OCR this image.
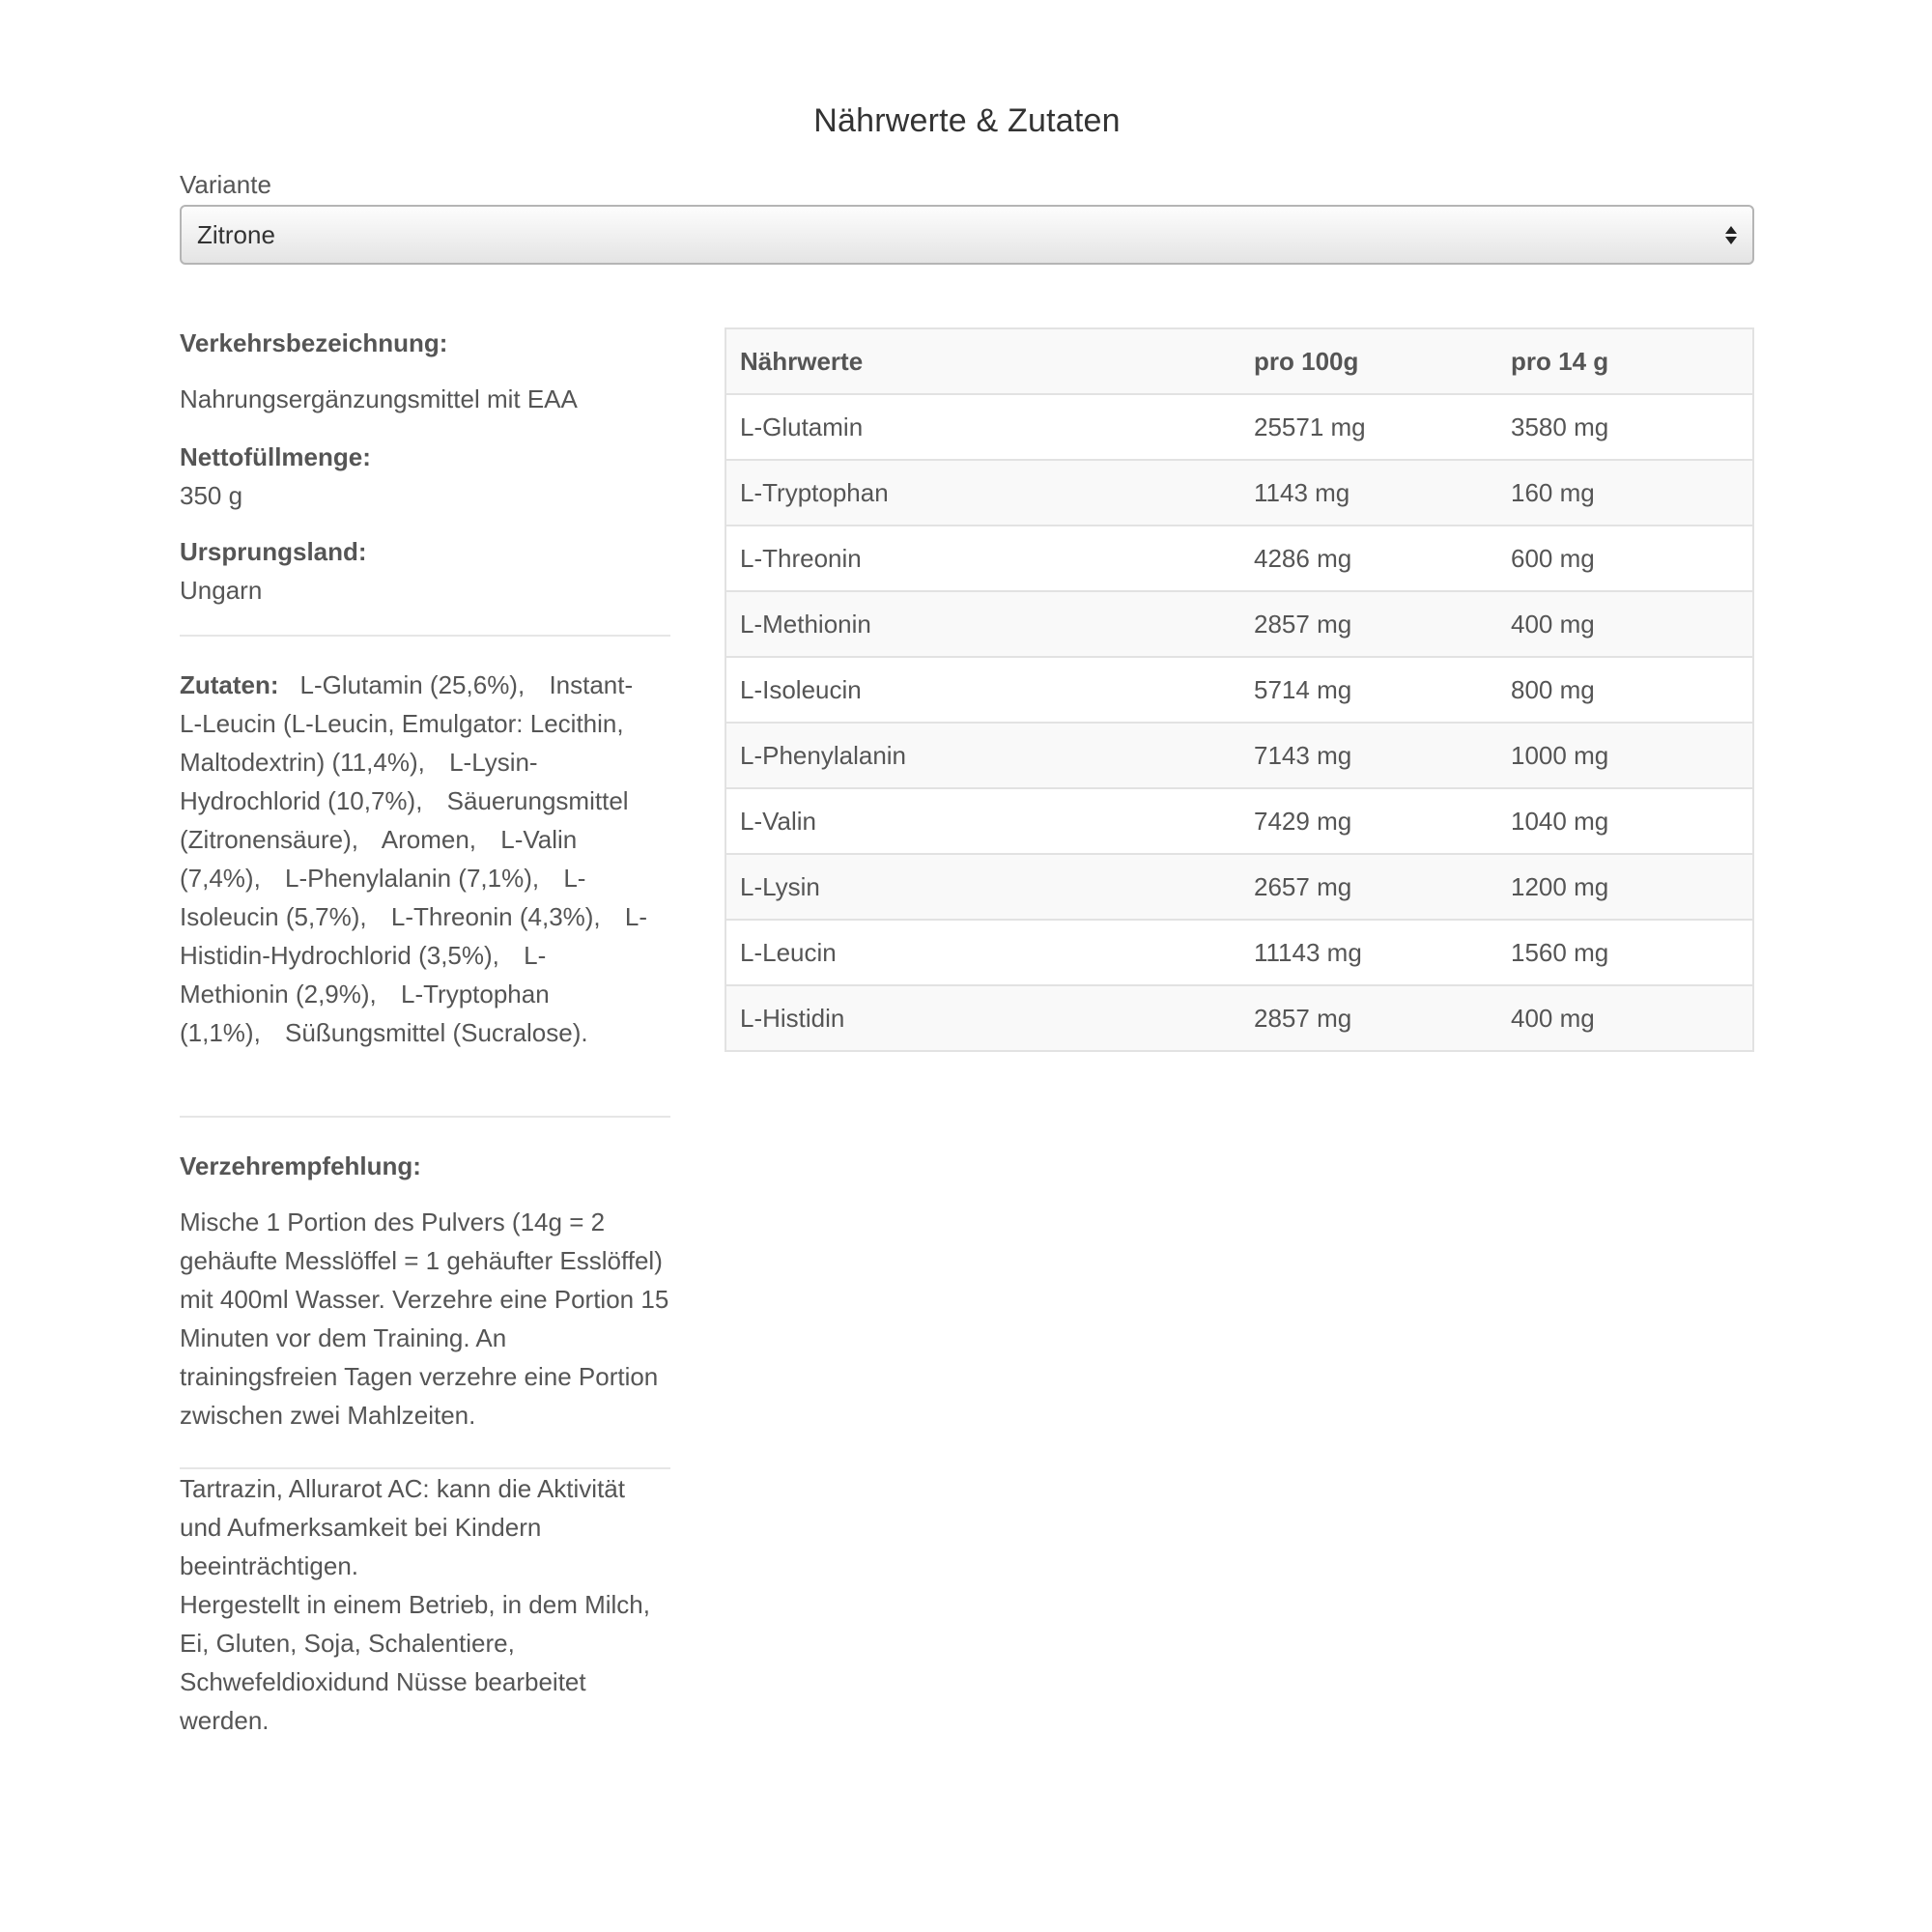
Nährwerte & Zutaten
Variante
Zitrone
Verkehrsbezeichnung:
Nahrungsergänzungsmittel mit EAA
Nettofüllmenge:
350 g
Ursprungsland:
Ungarn
Zutaten: L-Glutamin (25,6%), Instant-L-Leucin (L-Leucin, Emulgator: Lecithin, Maltodextrin) (11,4%), L-Lysin-Hydrochlorid (10,7%), Säuerungsmittel (Zitronensäure), Aromen, L-Valin (7,4%), L-Phenylalanin (7,1%), L-Isoleucin (5,7%), L-Threonin (4,3%), L-Histidin-Hydrochlorid (3,5%), L-Methionin (2,9%), L-Tryptophan (1,1%), Süßungsmittel (Sucralose).
Verzehrempfehlung:

Mische 1 Portion des Pulvers (14g = 2 gehäufte Messlöffel = 1 gehäufter Esslöffel) mit 400ml Wasser. Verzehre eine Portion 15 Minuten vor dem Training. An trainingsfreien Tagen verzehre eine Portion zwischen zwei Mahlzeiten.

Tartrazin, Allurarot AC: kann die Aktivität und Aufmerksamkeit bei Kindern beeinträchtigen.

Hergestellt in einem Betrieb, in dem Milch, Ei, Gluten, Soja, Schalentiere, Schwefeldioxidund Nüsse bearbeitet werden.

Nährwerte	pro 100g	pro 14 g
L-Glutamin	25571 mg	3580 mg
L-Tryptophan	1143 mg	160 mg
L-Threonin	4286 mg	600 mg
L-Methionin	2857 mg	400 mg
L-Isoleucin	5714 mg	800 mg
L-Phenylalanin	7143 mg	1000 mg
L-Valin	7429 mg	1040 mg
L-Lysin	2657 mg	1200 mg
L-Leucin	11143 mg	1560 mg
L-Histidin	2857 mg	400 mg
